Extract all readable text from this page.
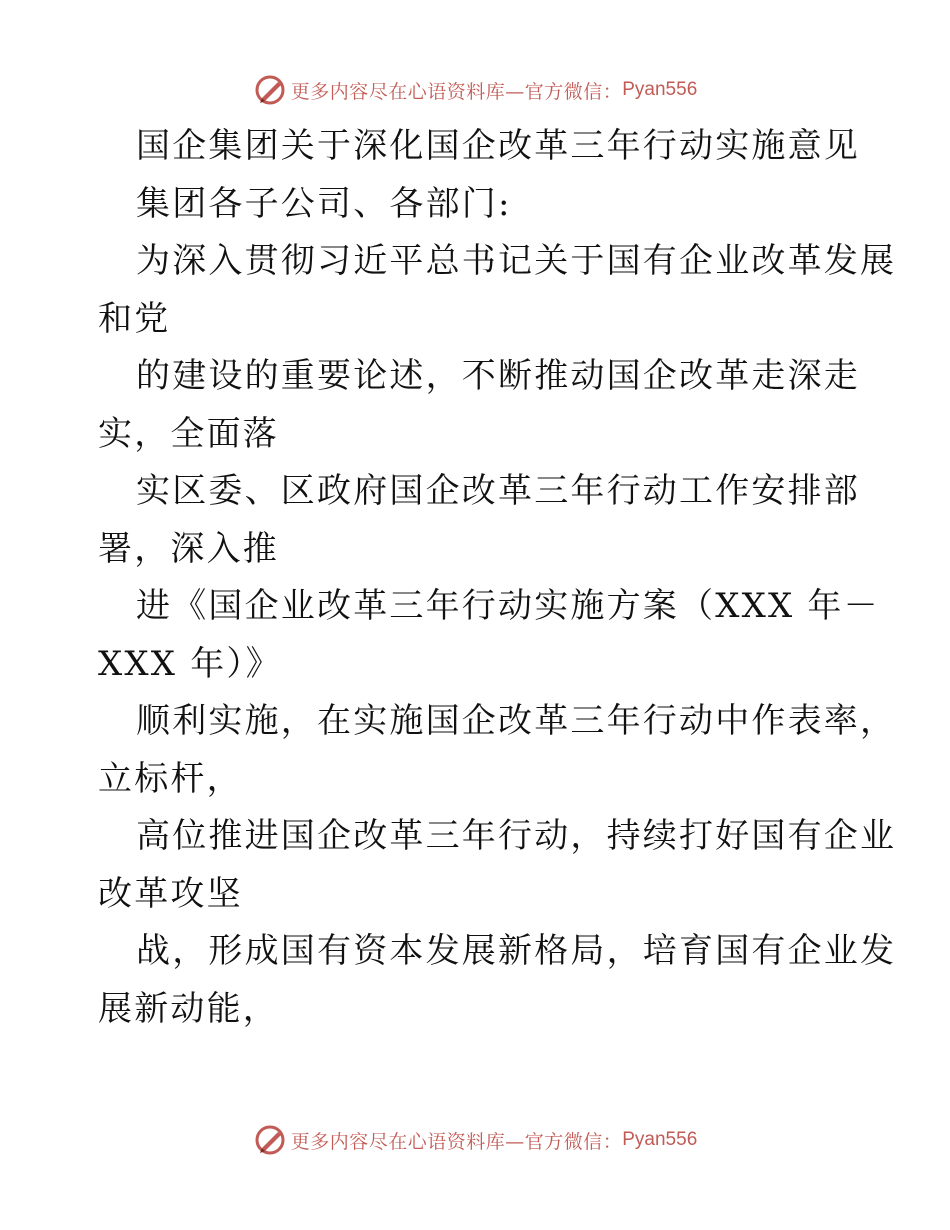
更多内容尽在心语资料库—官方微信： Pyan556
国企集团关于深化国企改革三年行动实施意见
集团各子公司、各部门:
为深入贯彻习近平总书记关于国有企业改革发展
和党
的建设的重要论述，不断推动国企改革走深走
实，全面落
实区委、区政府国企改革三年行动工作安排部
署，深入推
进《国企业改革三年行动实施方案（XXX 年－
XXX 年）》
顺利实施，在实施国企改革三年行动中作表率，
立标杆，
高位推进国企改革三年行动，持续打好国有企业
改革攻坚
战，形成国有资本发展新格局，培育国有企业发
展新动能，
更多内容尽在心语资料库—官方微信： Pyan556
